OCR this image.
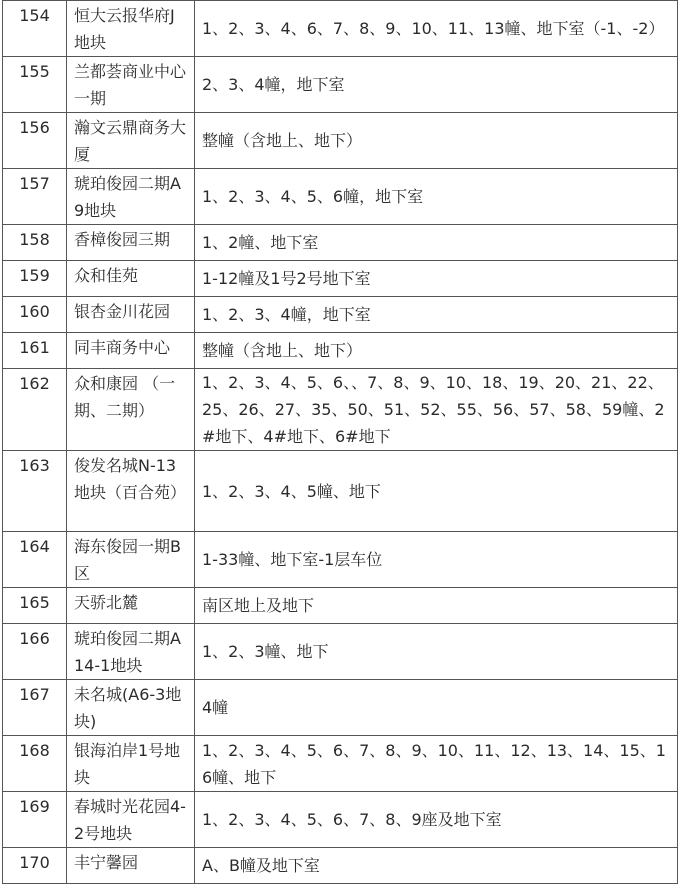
154	恒大云报华府J地块	1、2、3、4、6、7、8、9、10、11、13幢、地下室（-1、-2）
155	兰都荟商业中心一期	2、3、4幢，地下室
156	瀚文云鼎商务大厦	整幢（含地上、地下）
157	琥珀俊园二期A9地块	1、2、3、4、5、6幢，地下室
158	香樟俊园三期	1、2幢、地下室
159	众和佳苑	1-12幢及1号2号地下室
160	银杏金川花园	1、2、3、4幢，地下室
161	同丰商务中心	整幢（含地上、地下）
162	众和康园 （一期、二期）	1、2、3、4、5、6、、7、8、9、10、18、19、20、21、22、25、26、27、35、50、51、52、55、56、57、58、59幢、2#地下、4#地下、6#地下
163	俊发名城N-13地块（百合苑）	1、2、3、4、5幢、地下
164	海东俊园一期B区	1-33幢、地下室-1层车位
165	天骄北麓	南区地上及地下
166	琥珀俊园二期A14-1地块	1、2、3幢、地下
167	未名城(A6-3地块)	4幢
168	银海泊岸1号地块	1、2、3、4、5、6、7、8、9、10、11、12、13、14、15、16幢、地下
169	春城时光花园4-2号地块	1、2、3、4、5、6、7、8、9座及地下室
170	丰宁馨园	A、B幢及地下室
